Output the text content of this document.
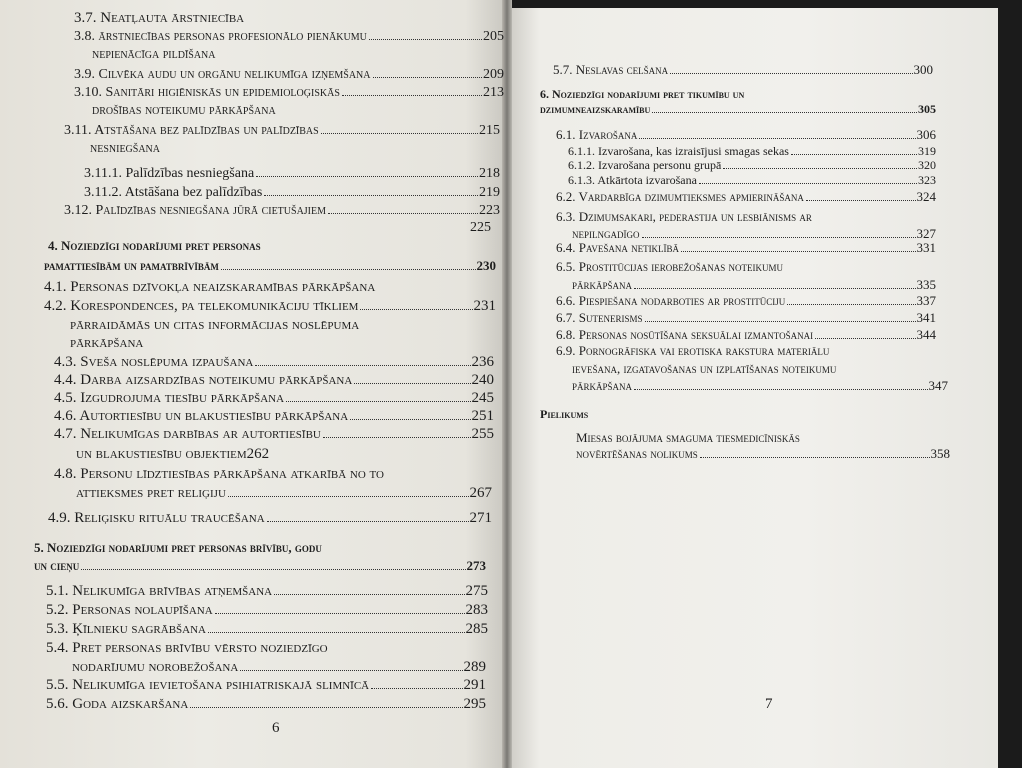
3.7. Neatļauta ārstniecība
3.8. ārstniecības personas profesionālo pienākumu	205
nepienācīga pildīšana
3.9. Cilvēka audu un orgānu nelikumīga izņemšana	209
3.10. Sanitāri higiēniskās un epidemioloģiskās	213
drošības noteikumu pārkāpšana
3.11. Atstāšana bez palīdzības un palīdzības	215
nesniegšana
3.11.1. Palīdzības nesniegšana	218
3.11.2. Atstāšana bez palīdzības	219
3.12. Palīdzības nesniegšana jūrā cietušajiem	223
225
4. Noziedzīgi nodarījumi pret personas
pamattiesībām un pamatbrīvībām	230
4.1. Personas dzīvokļa neaizskaramības pārkāpšana
4.2. Korespondences, pa telekomunikāciju tīkliem	231
pārraidāmās un citas informācijas noslēpuma
pārkāpšana
4.3. Sveša noslēpuma izpaušana	236
4.4. Darba aizsardzības noteikumu pārkāpšana	240
4.5. Izgudrojuma tiesību pārkāpšana	245
4.6. Autortiesību un blakustiesību pārkāpšana	251
4.7. Nelikumīgas darbības ar autortiesību	255
un blakustiesību objektiem262
4.8. Personu līdztiesības pārkāpšana atkarībā no to
attieksmes pret reliģiju	267
4.9. Reliģisku rituālu traucēšana	271
5. Noziedzīgi nodarījumi pret personas brīvību, godu
un cieņu	273
5.1. Nelikumīga brīvības atņemšana	275
5.2. Personas nolaupīšana	283
5.3. Ķīlnieku sagrābšana	285
5.4. Pret personas brīvību vērsto noziedzīgo
nodarījumu norobežošana	289
5.5. Nelikumīga ievietošana psihiatriskajā slimnīcā	291
5.6. Goda aizskaršana	295
5.7. Neslavas celšana	300
6. Noziedzīgi nodarījumi pret tikumību un
dzimumneaizskaramību	305
6.1. Izvarošana	306
6.1.1. Izvarošana, kas izraisījusi smagas sekas	319
6.1.2. Izvarošana personu grupā	320
6.1.3. Atkārtota izvarošana	323
6.2. Vardarbīga dzimumtieksmes apmierināšana	324
6.3. Dzimumsakari, pederastija un lesbiānisms ar
nepilngadīgo	327
6.4. Pavešana netiklībā	331
6.5. Prostitūcijas ierobežošanas noteikumu
pārkāpšana	335
6.6. Piespiešana nodarboties ar prostitūciju	337
6.7. Sutenerisms	341
6.8. Personas nosūtīšana seksuālai izmantošanai	344
6.9. Pornogrāfiska vai erotiska rakstura materiālu
ievešana, izgatavošanas un izplatīšanas noteikumu
pārkāpšana	347
Pielikums
Miesas bojājuma smaguma tiesmedicīniskās
novērtēšanas nolikums	358
6
7
